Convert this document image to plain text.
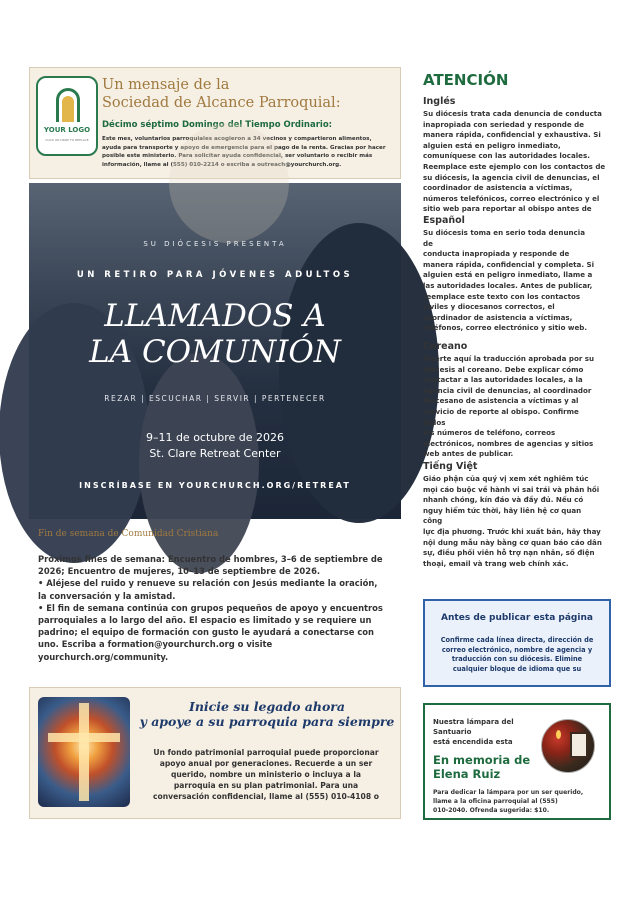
YOUR LOGO
CLICK OR DROP TO REPLACE
Un mensaje de la
Sociedad de Alcance Parroquial:
Décimo séptimo Domingo del Tiempo Ordinario:
Este mes, voluntarios parroquiales acogieron a 34 vecinos y compartieron alimentos,
ayuda para transporte y apoyo de emergencia para el pago de la renta. Gracias por hacer
posible este ministerio. Para solicitar ayuda confidencial, ser voluntario o recibir más
información, llame al (555) 010-2214 o escriba a outreach@yourchurch.org.
SU DIÓCESIS PRESENTA
UN RETIRO PARA JÓVENES ADULTOS
LLAMADOS A
LA COMUNIÓN
REZAR | ESCUCHAR | SERVIR | PERTENECER
9–11 de octubre de 2026
St. Clare Retreat Center
INSCRÍBASE EN YOURCHURCH.ORG/RETREAT
Fin de semana de Comunidad Cristiana
Próximos fines de semana: Encuentro de hombres, 3–6 de septiembre de
2026; Encuentro de mujeres, 10–13 de septiembre de 2026.
• Aléjese del ruido y renueve su relación con Jesús mediante la oración,
la conversación y la amistad.
• El fin de semana continúa con grupos pequeños de apoyo y encuentros
parroquiales a lo largo del año. El espacio es limitado y se requiere un
padrino; el equipo de formación con gusto le ayudará a conectarse con
uno. Escriba a formation@yourchurch.org o visite
yourchurch.org/community.
Inicie su legado ahora
y apoye a su parroquia para siempre
Un fondo patrimonial parroquial puede proporcionar
apoyo anual por generaciones. Recuerde a un ser
querido, nombre un ministerio o incluya a la
parroquia en su plan patrimonial. Para una
conversación confidencial, llame al (555) 010-4108 o
ATENCIÓN
Inglés
Su diócesis trata cada denuncia de conducta
inapropiada con seriedad y responde de
manera rápida, confidencial y exhaustiva. Si
alguien está en peligro inmediato,
comuníquese con las autoridades locales.
Reemplace este ejemplo con los contactos de
su diócesis, la agencia civil de denuncias, el
coordinador de asistencia a víctimas,
números telefónicos, correo electrónico y el
sitio web para reportar al obispo antes de
Español
Su diócesis toma en serio toda denuncia
de
conducta inapropiada y responde de
manera rápida, confidencial y completa. Si
alguien está en peligro inmediato, llame a
las autoridades locales. Antes de publicar,
reemplace este texto con los contactos
civiles y diocesanos correctos, el
coordinador de asistencia a víctimas,
teléfonos, correo electrónico y sitio web.
Coreano
Inserte aquí la traducción aprobada por su
diócesis al coreano. Debe explicar cómo
contactar a las autoridades locales, a la
agencia civil de denuncias, al coordinador
diocesano de asistencia a víctimas y al
servicio de reporte al obispo. Confirme
todos
los números de teléfono, correos
electrónicos, nombres de agencias y sitios
web antes de publicar.
Tiếng Việt
Giáo phận của quý vị xem xét nghiêm túc
mọi cáo buộc về hành vi sai trái và phản hồi
nhanh chóng, kín đáo và đầy đủ. Nếu có
nguy hiểm tức thời, hãy liên hệ cơ quan
công
lực địa phương. Trước khi xuất bản, hãy thay
nội dung mẫu này bằng cơ quan báo cáo dân
sự, điều phối viên hỗ trợ nạn nhân, số điện
thoại, email và trang web chính xác.
Antes de publicar esta página
Confirme cada línea directa, dirección de
correo electrónico, nombre de agencia y
traducción con su diócesis. Elimine
cualquier bloque de idioma que su
Nuestra lámpara del
Santuario
está encendida esta
En memoria de
Elena Ruiz
Para dedicar la lámpara por un ser querido,
llame a la oficina parroquial al (555)
010-2040. Ofrenda sugerida: $10.
